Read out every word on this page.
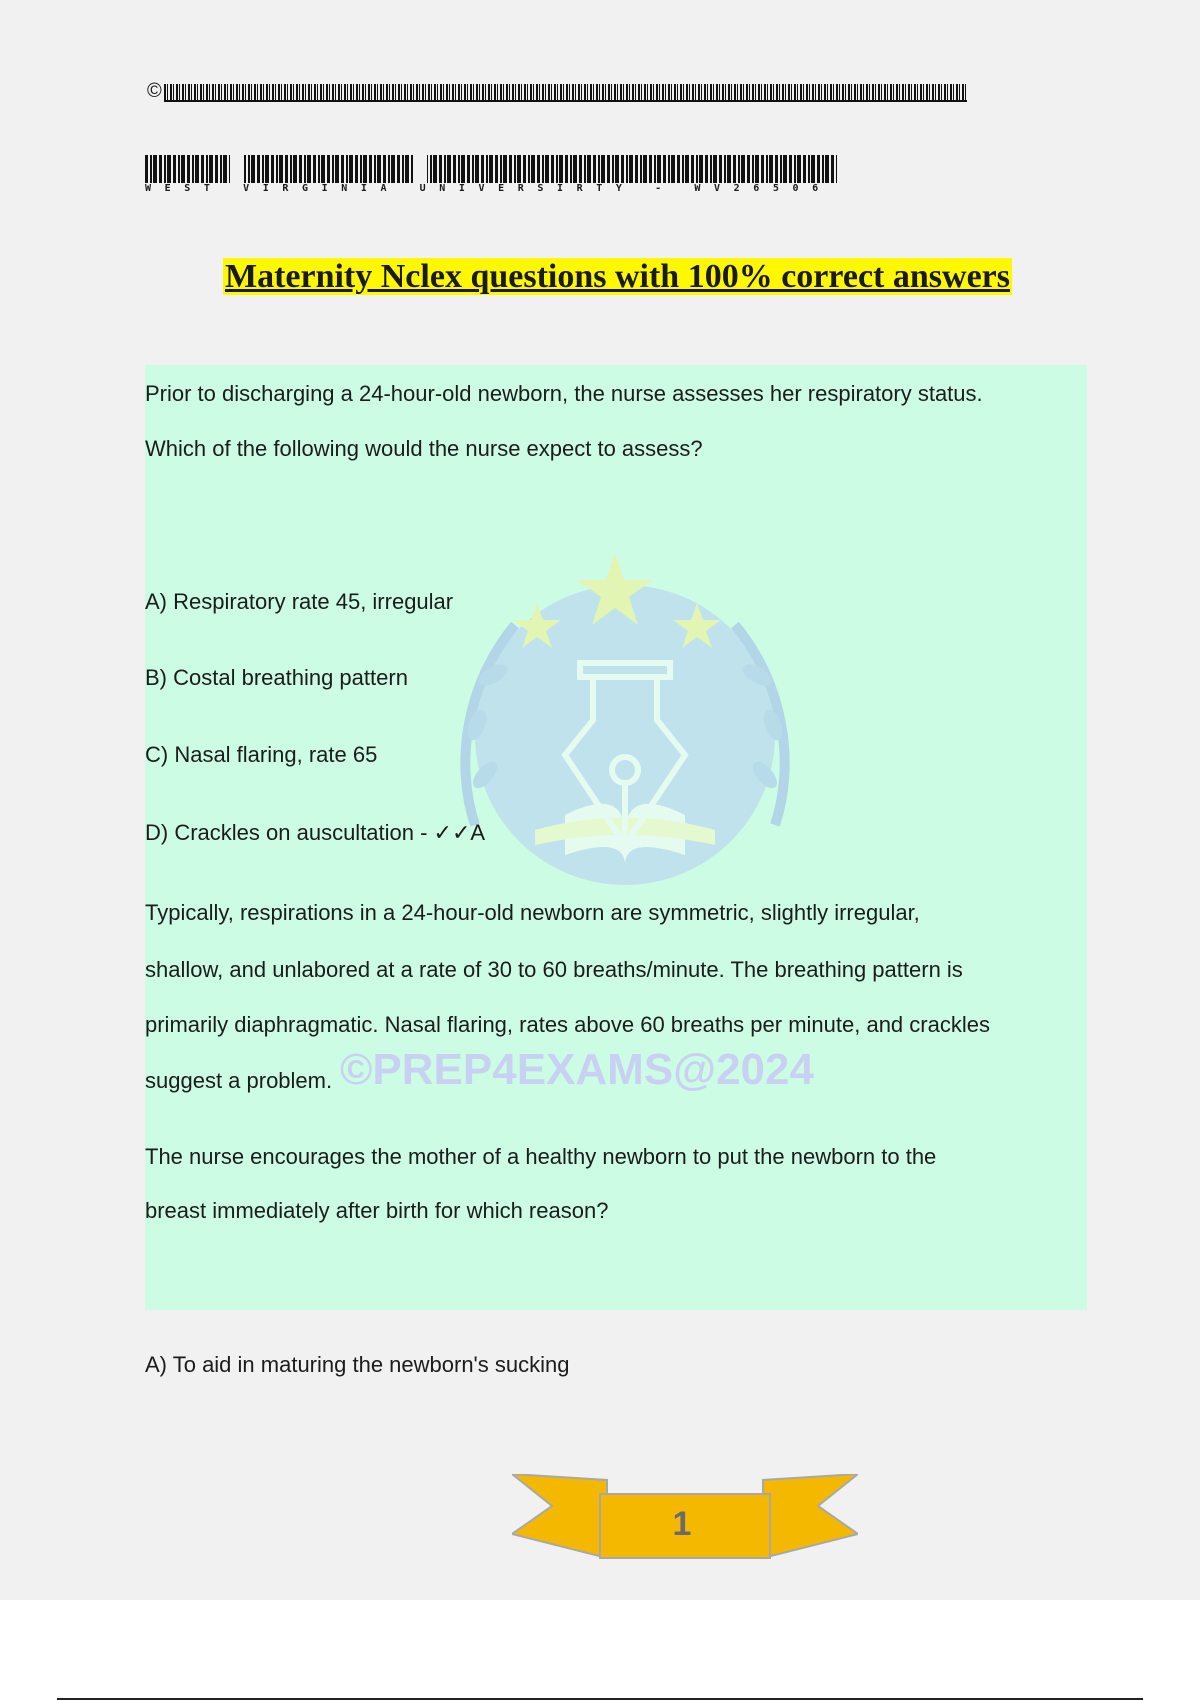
©
WEST VIRGINIA UNIVERSIRTY - WV26506
Maternity Nclex questions with 100% correct answers
©PREP4EXAMS@2024
Prior to discharging a 24-hour-old newborn, the nurse assesses her respiratory status.
Which of the following would the nurse expect to assess?
A) Respiratory rate 45, irregular
B) Costal breathing pattern
C) Nasal flaring, rate 65
D) Crackles on auscultation - ✓✓A
Typically, respirations in a 24-hour-old newborn are symmetric, slightly irregular,
shallow, and unlabored at a rate of 30 to 60 breaths/minute. The breathing pattern is
primarily diaphragmatic. Nasal flaring, rates above 60 breaths per minute, and crackles
suggest a problem.
The nurse encourages the mother of a healthy newborn to put the newborn to the
breast immediately after birth for which reason?
A) To aid in maturing the newborn's sucking
1
